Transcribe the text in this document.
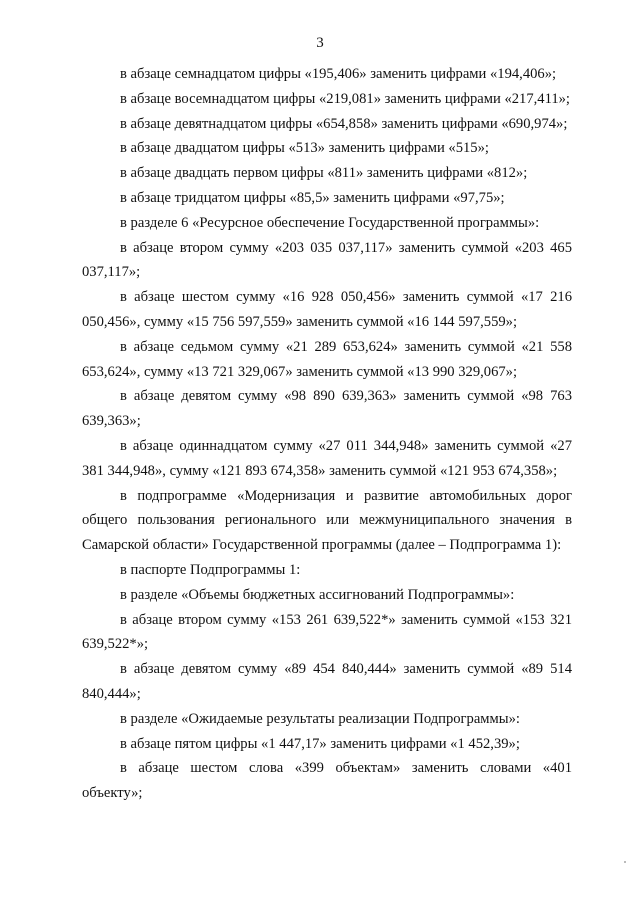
3

в абзаце семнадцатом цифры «195,406» заменить цифрами «194,406»;

в абзаце восемнадцатом цифры «219,081» заменить цифрами «217,411»;

в абзаце девятнадцатом цифры «654,858» заменить цифрами «690,974»;

в абзаце двадцатом цифры «513» заменить цифрами «515»;

в абзаце двадцать первом цифры «811» заменить цифрами «812»;

в абзаце тридцатом цифры «85,5» заменить цифрами «97,75»;

в разделе 6 «Ресурсное обеспечение Государственной программы»:

в абзаце втором сумму «203 035 037,117» заменить суммой «203 465 037,117»;

в абзаце шестом сумму «16 928 050,456» заменить суммой «17 216 050,456», сумму «15 756 597,559» заменить суммой «16 144 597,559»;

в абзаце седьмом сумму «21 289 653,624» заменить суммой «21 558 653,624», сумму «13 721 329,067» заменить суммой «13 990 329,067»;

в абзаце девятом сумму «98 890 639,363» заменить суммой «98 763 639,363»;

в абзаце одиннадцатом сумму «27 011 344,948» заменить суммой «27 381 344,948», сумму «121 893 674,358» заменить суммой «121 953 674,358»;

в подпрограмме «Модернизация и развитие автомобильных дорог общего пользования регионального или межмуниципального значения в Самарской области» Государственной программы (далее – Подпрограмма 1):

в паспорте Подпрограммы 1:

в разделе «Объемы бюджетных ассигнований Подпрограммы»:

в абзаце втором сумму «153 261 639,522*» заменить суммой «153 321 639,522*»;

в абзаце девятом сумму «89 454 840,444» заменить суммой «89 514 840,444»;

в разделе «Ожидаемые результаты реализации Подпрограммы»:

в абзаце пятом цифры «1 447,17» заменить цифрами «1 452,39»;

в абзаце шестом слова «399 объектам» заменить словами «401 объекту»;
